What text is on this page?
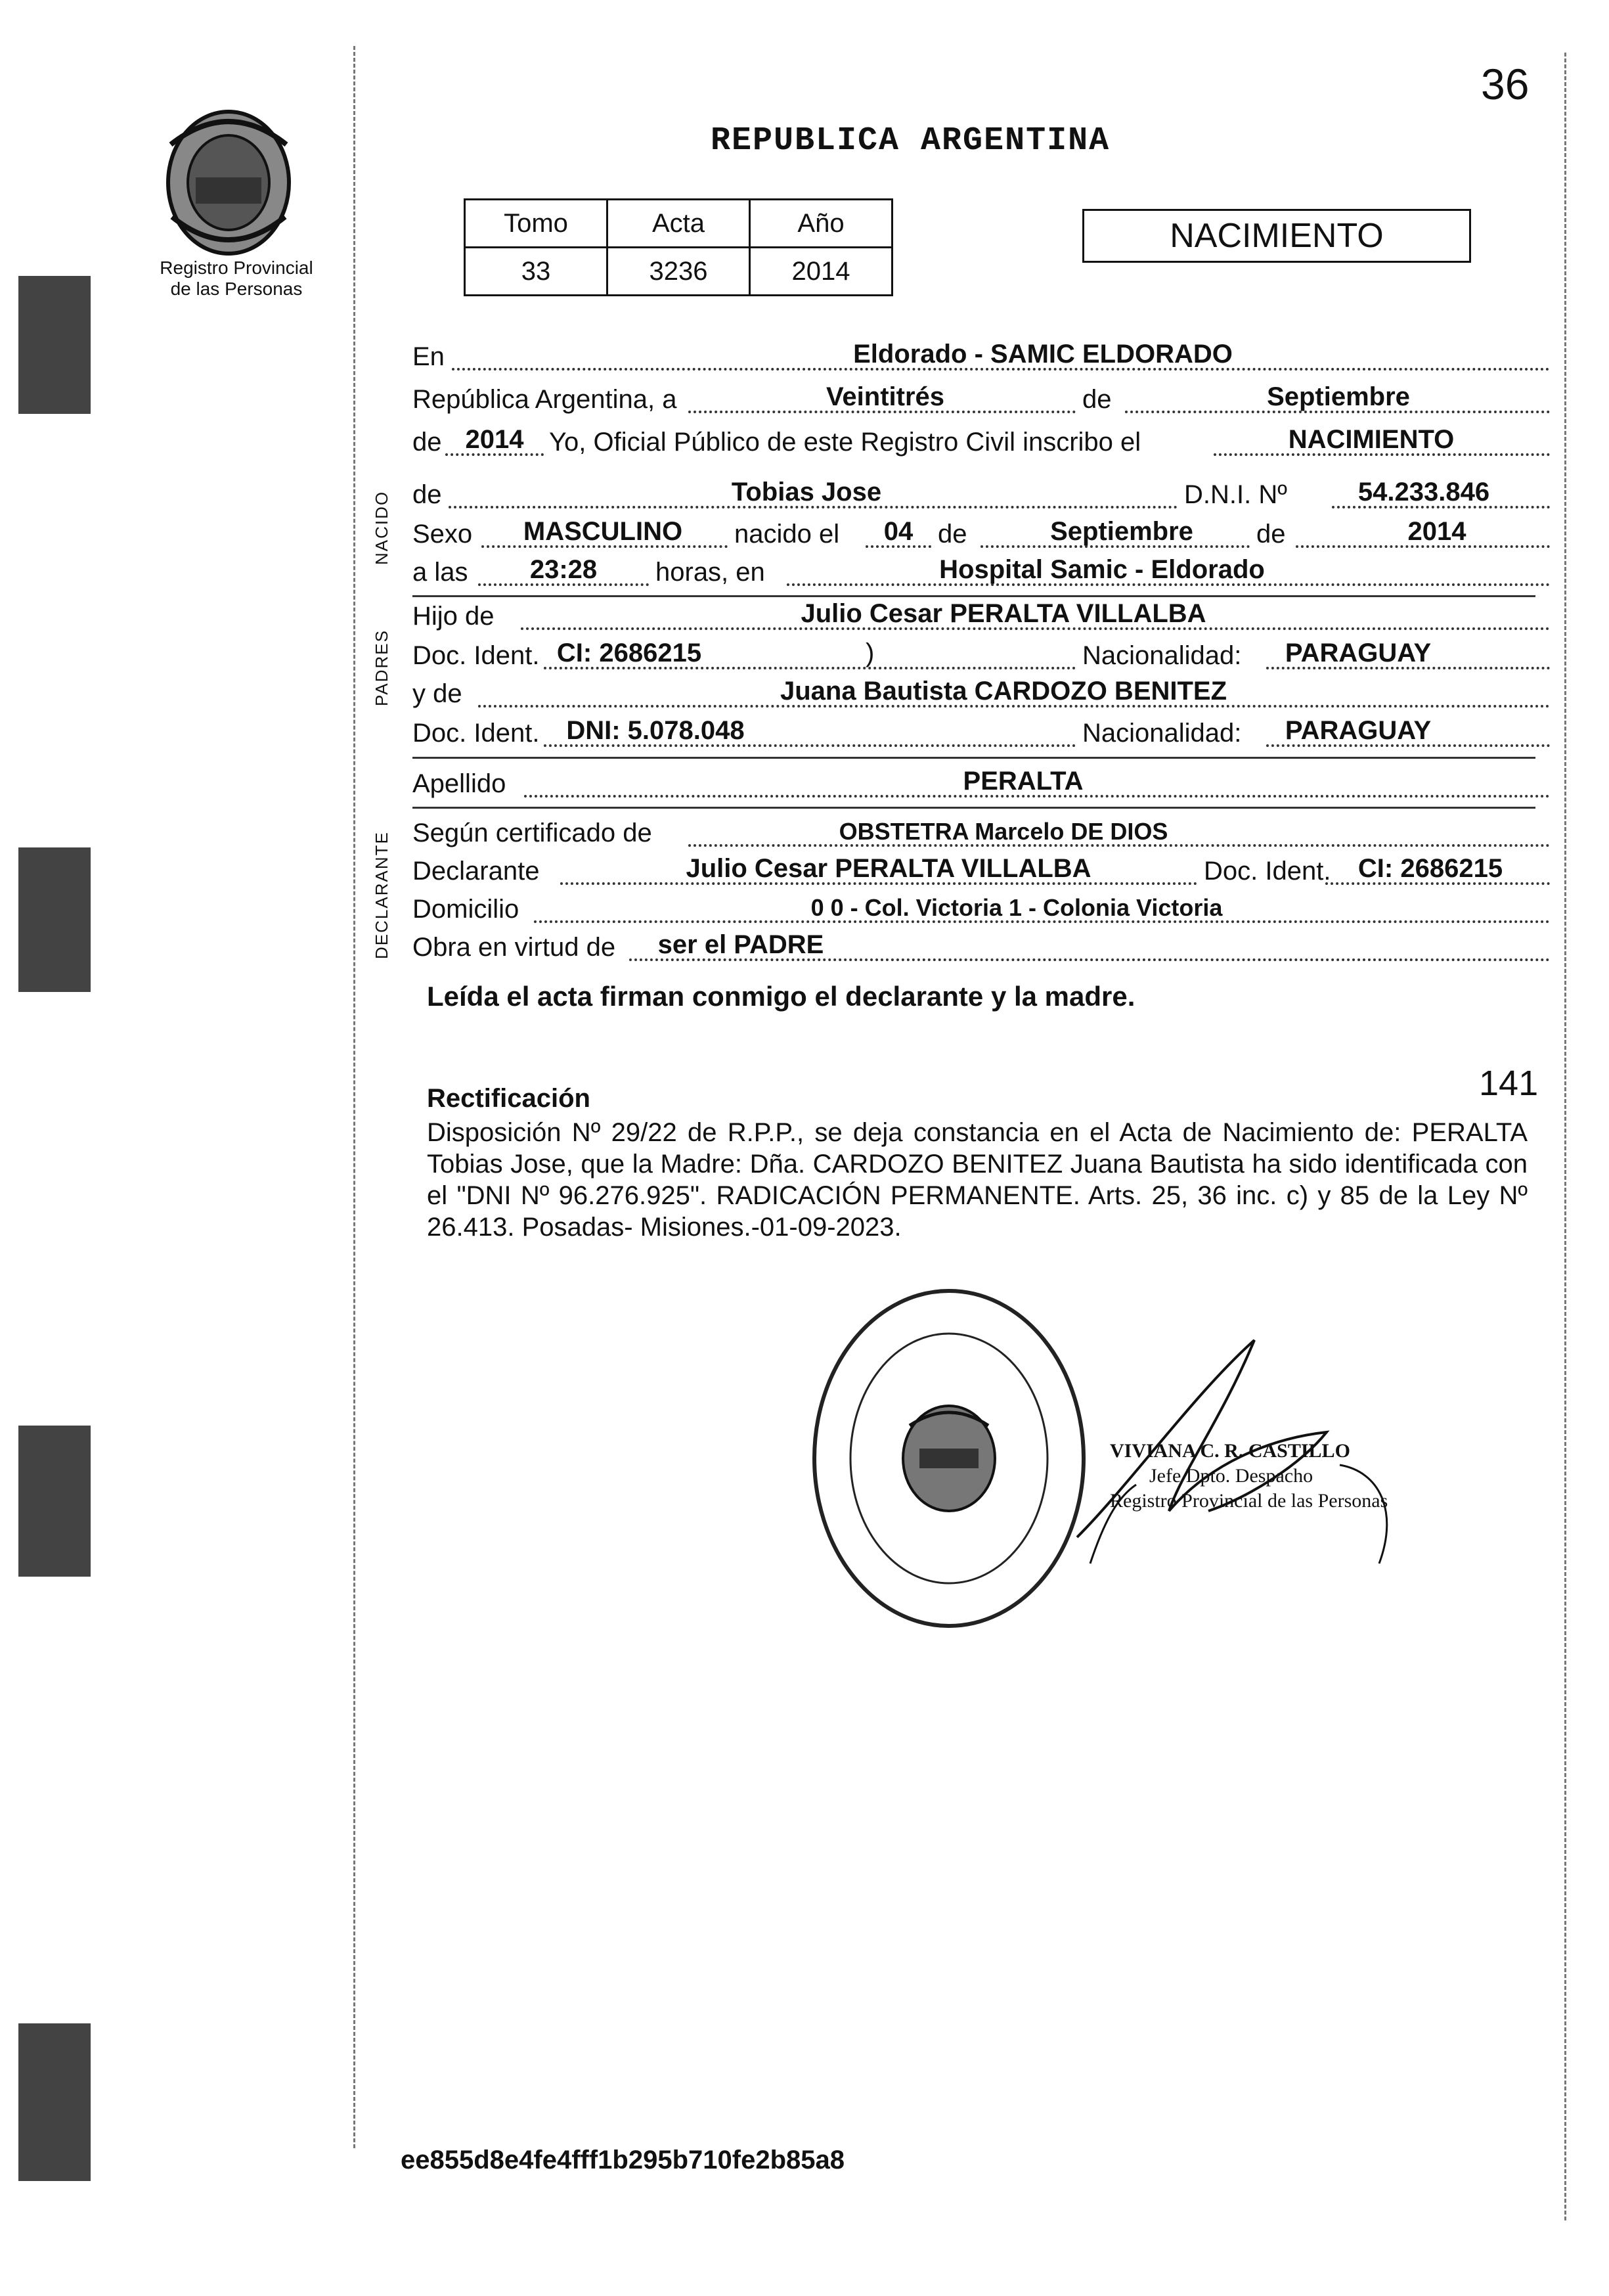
36
REPUBLICA ARGENTINA
Registro Provincial
de las Personas
Tomo	Acta	Año
33	3236	2014
NACIMIENTO
En	Eldorado - SAMIC ELDORADO
República Argentina, a	Veintitrés	de	Septiembre
de 2014 Yo, Oficial Público de este Registro Civil inscribo el	NACIMIENTO
NACIDO de	Tobias Jose	D.N.I. Nº	54.233.846
Sexo MASCULINO nacido el 04 de	Septiembre de	2014
a las 23:28 horas, en	Hospital Samic - Eldorado
PADRES
Hijo de	Julio Cesar PERALTA VILLALBA
Doc. Ident. CI: 2686215	)	Nacionalidad: PARAGUAY
y de	Juana Bautista CARDOZO BENITEZ
Doc. Ident. DNI: 5.078.048	Nacionalidad: PARAGUAY
Apellido	PERALTA
DECLARANTE Según certificado de	OBSTETRA Marcelo DE DIOS
Declarante	Julio Cesar PERALTA VILLALBA	Doc. Ident. CI: 2686215
Domicilio	0 0 - Col. Victoria 1 - Colonia Victoria
Obra en virtud de ser el PADRE
Leída el acta firman conmigo el declarante y la madre.
141
Rectificación
Disposición Nº 29/22 de R.P.P., se deja constancia en el Acta de Nacimiento de: PERALTA Tobias Jose, que la Madre: Dña. CARDOZO BENITEZ Juana Bautista ha sido identificada con el "DNI Nº 96.276.925". RADICACIÓN PERMANENTE. Arts. 25, 36 inc. c) y 85 de la Ley Nº 26.413. Posadas- Misiones.-01-09-2023.
VIVIANA C. R. CASTILLO
Jefe Dpto. Despacho
Registro Provincial de las Personas
ee855d8e4fe4fff1b295b710fe2b85a8
